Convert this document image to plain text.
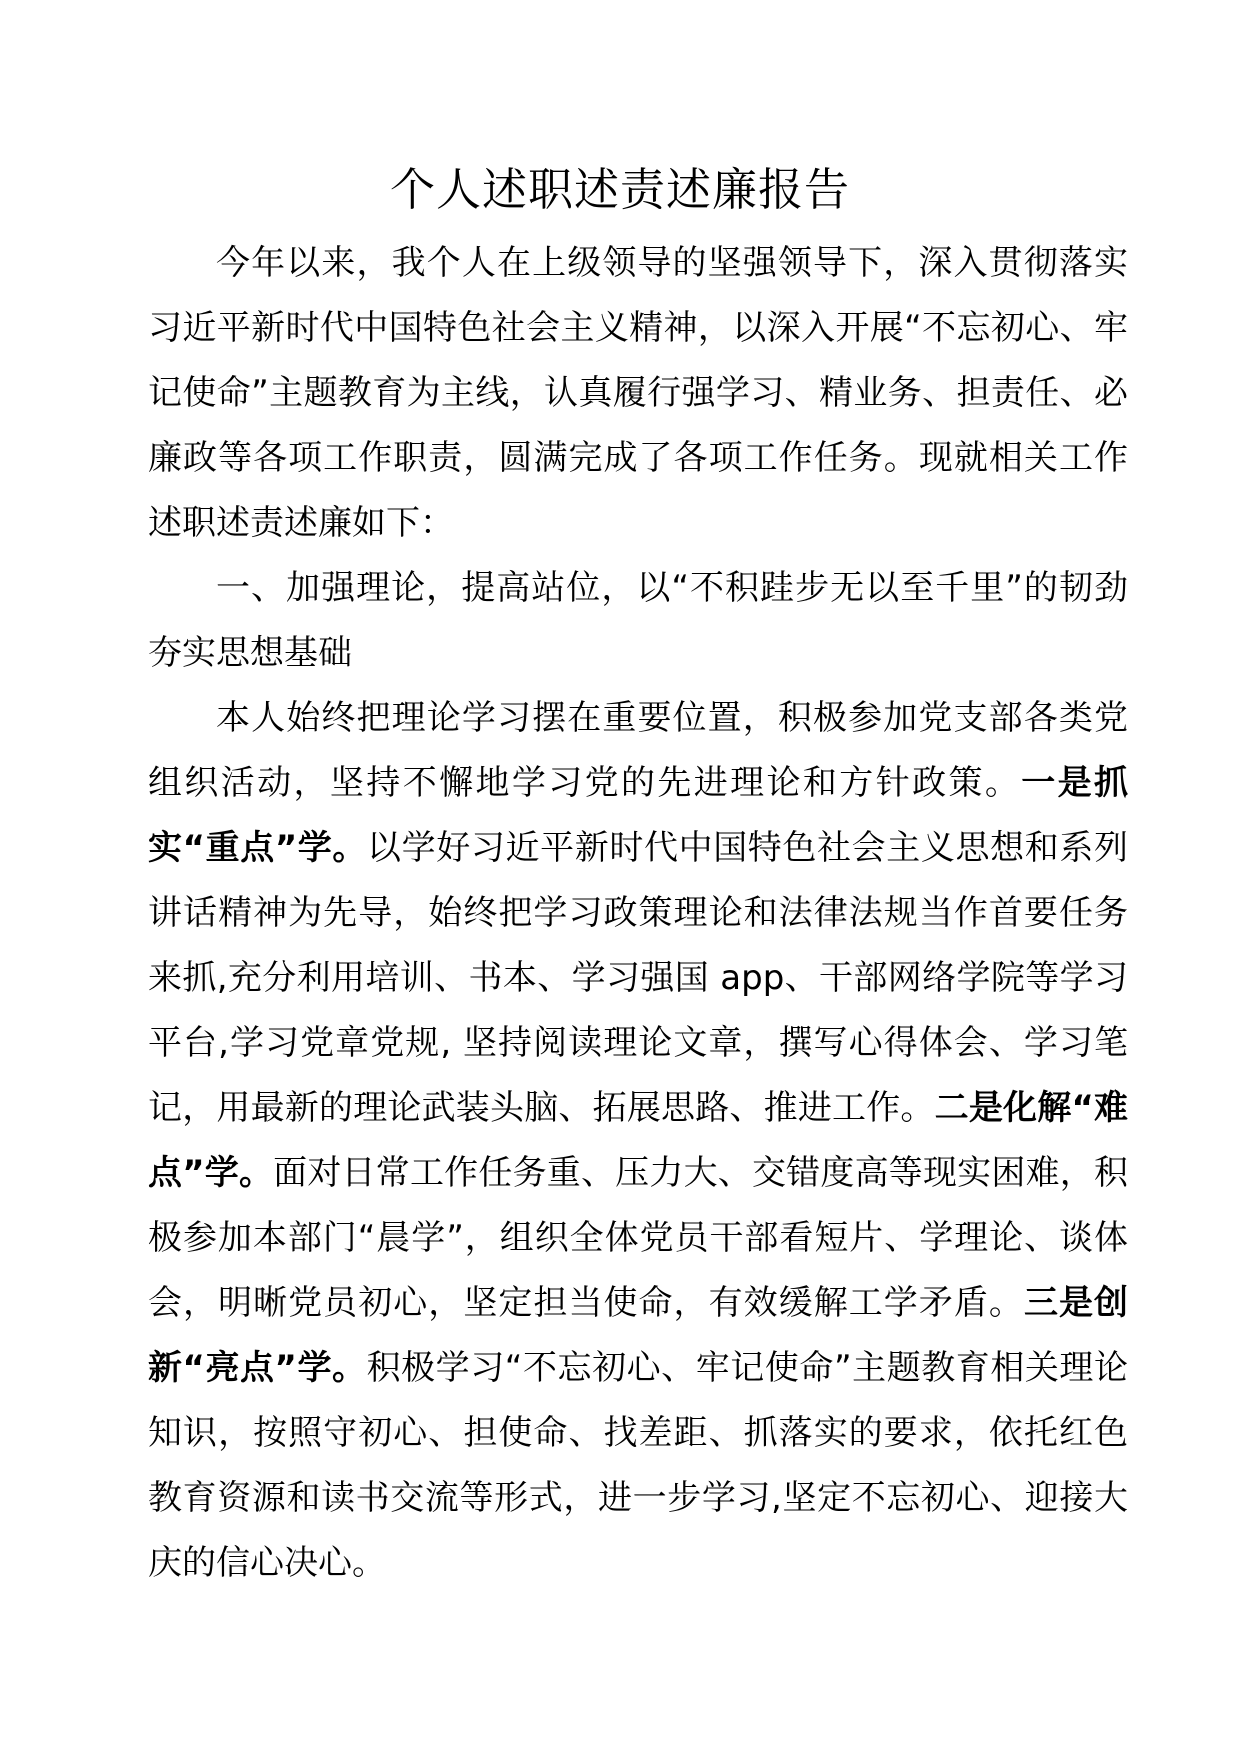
个人述职述责述廉报告

今年以来，我个人在上级领导的坚强领导下，深入贯彻落实习近平新时代中国特色社会主义精神，以深入开展“不忘初心、牢记使命”主题教育为主线，认真履行强学习、精业务、担责任、必廉政等各项工作职责，圆满完成了各项工作任务。现就相关工作述职述责述廉如下：

一、加强理论，提高站位，以“不积跬步无以至千里”的韧劲夯实思想基础

本人始终把理论学习摆在重要位置，积极参加党支部各类党组织活动，坚持不懈地学习党的先进理论和方针政策。一是抓实“重点”学。以学好习近平新时代中国特色社会主义思想和系列讲话精神为先导，始终把学习政策理论和法律法规当作首要任务来抓,充分利用培训、书本、学习强国 app、干部网络学院等学习平台,学习党章党规, 坚持阅读理论文章，撰写心得体会、学习笔记，用最新的理论武装头脑、拓展思路、推进工作。二是化解“难点”学。面对日常工作任务重、压力大、交错度高等现实困难，积极参加本部门“晨学”，组织全体党员干部看短片、学理论、谈体会，明晰党员初心，坚定担当使命，有效缓解工学矛盾。三是创新“亮点”学。积极学习“不忘初心、牢记使命”主题教育相关理论知识，按照守初心、担使命、找差距、抓落实的要求，依托红色教育资源和读书交流等形式，进一步学习,坚定不忘初心、迎接大庆的信心决心。
